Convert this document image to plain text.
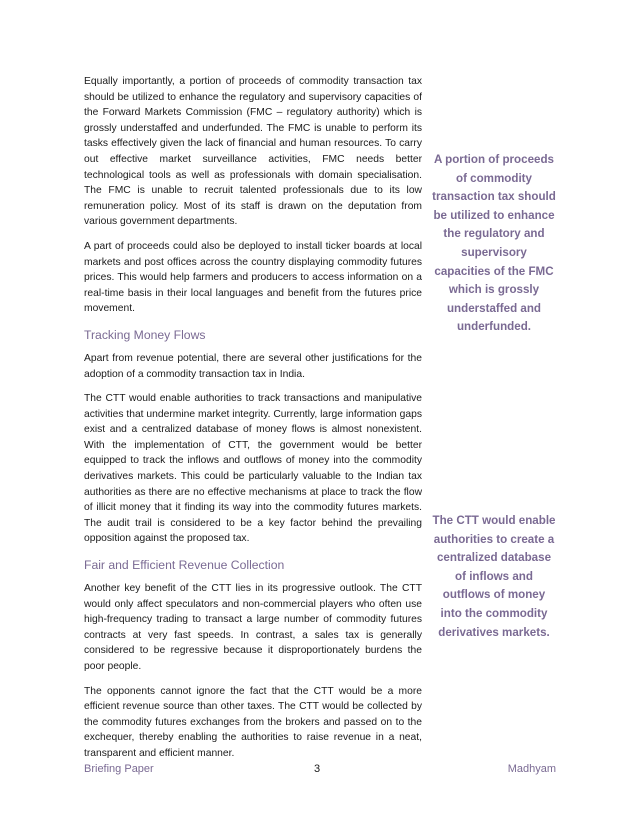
Equally importantly, a portion of proceeds of commodity transaction tax should be utilized to enhance the regulatory and supervisory capacities of the Forward Markets Commission (FMC – regulatory authority) which is grossly understaffed and underfunded. The FMC is unable to perform its tasks effectively given the lack of financial and human resources. To carry out effective market surveillance activities, FMC needs better technological tools as well as professionals with domain specialisation. The FMC is unable to recruit talented professionals due to its low remuneration policy. Most of its staff is drawn on the deputation from various government departments.

A part of proceeds could also be deployed to install ticker boards at local markets and post offices across the country displaying commodity futures prices. This would help farmers and producers to access information on a real-time basis in their local languages and benefit from the futures price movement.

Tracking Money Flows

Apart from revenue potential, there are several other justifications for the adoption of a commodity transaction tax in India.

The CTT would enable authorities to track transactions and manipulative activities that undermine market integrity. Currently, large information gaps exist and a centralized database of money flows is almost nonexistent. With the implementation of CTT, the government would be better equipped to track the inflows and outflows of money into the commodity derivatives markets. This could be particularly valuable to the Indian tax authorities as there are no effective mechanisms at place to track the flow of illicit money that it finding its way into the commodity futures markets. The audit trail is considered to be a key factor behind the prevailing opposition against the proposed tax.

Fair and Efficient Revenue Collection

Another key benefit of the CTT lies in its progressive outlook. The CTT would only affect speculators and non-commercial players who often use high-frequency trading to transact a large number of commodity futures contracts at very fast speeds. In contrast, a sales tax is generally considered to be regressive because it disproportionately burdens the poor people.

The opponents cannot ignore the fact that the CTT would be a more efficient revenue source than other taxes. The CTT would be collected by the commodity futures exchanges from the brokers and passed on to the exchequer, thereby enabling the authorities to raise revenue in a neat, transparent and efficient manner.

A portion of proceeds of commodity transaction tax should be utilized to enhance the regulatory and supervisory capacities of the FMC which is grossly understaffed and underfunded.
The CTT would enable authorities to create a centralized database of inflows and outflows of money into the commodity derivatives markets.
Briefing Paper	3	Madhyam
